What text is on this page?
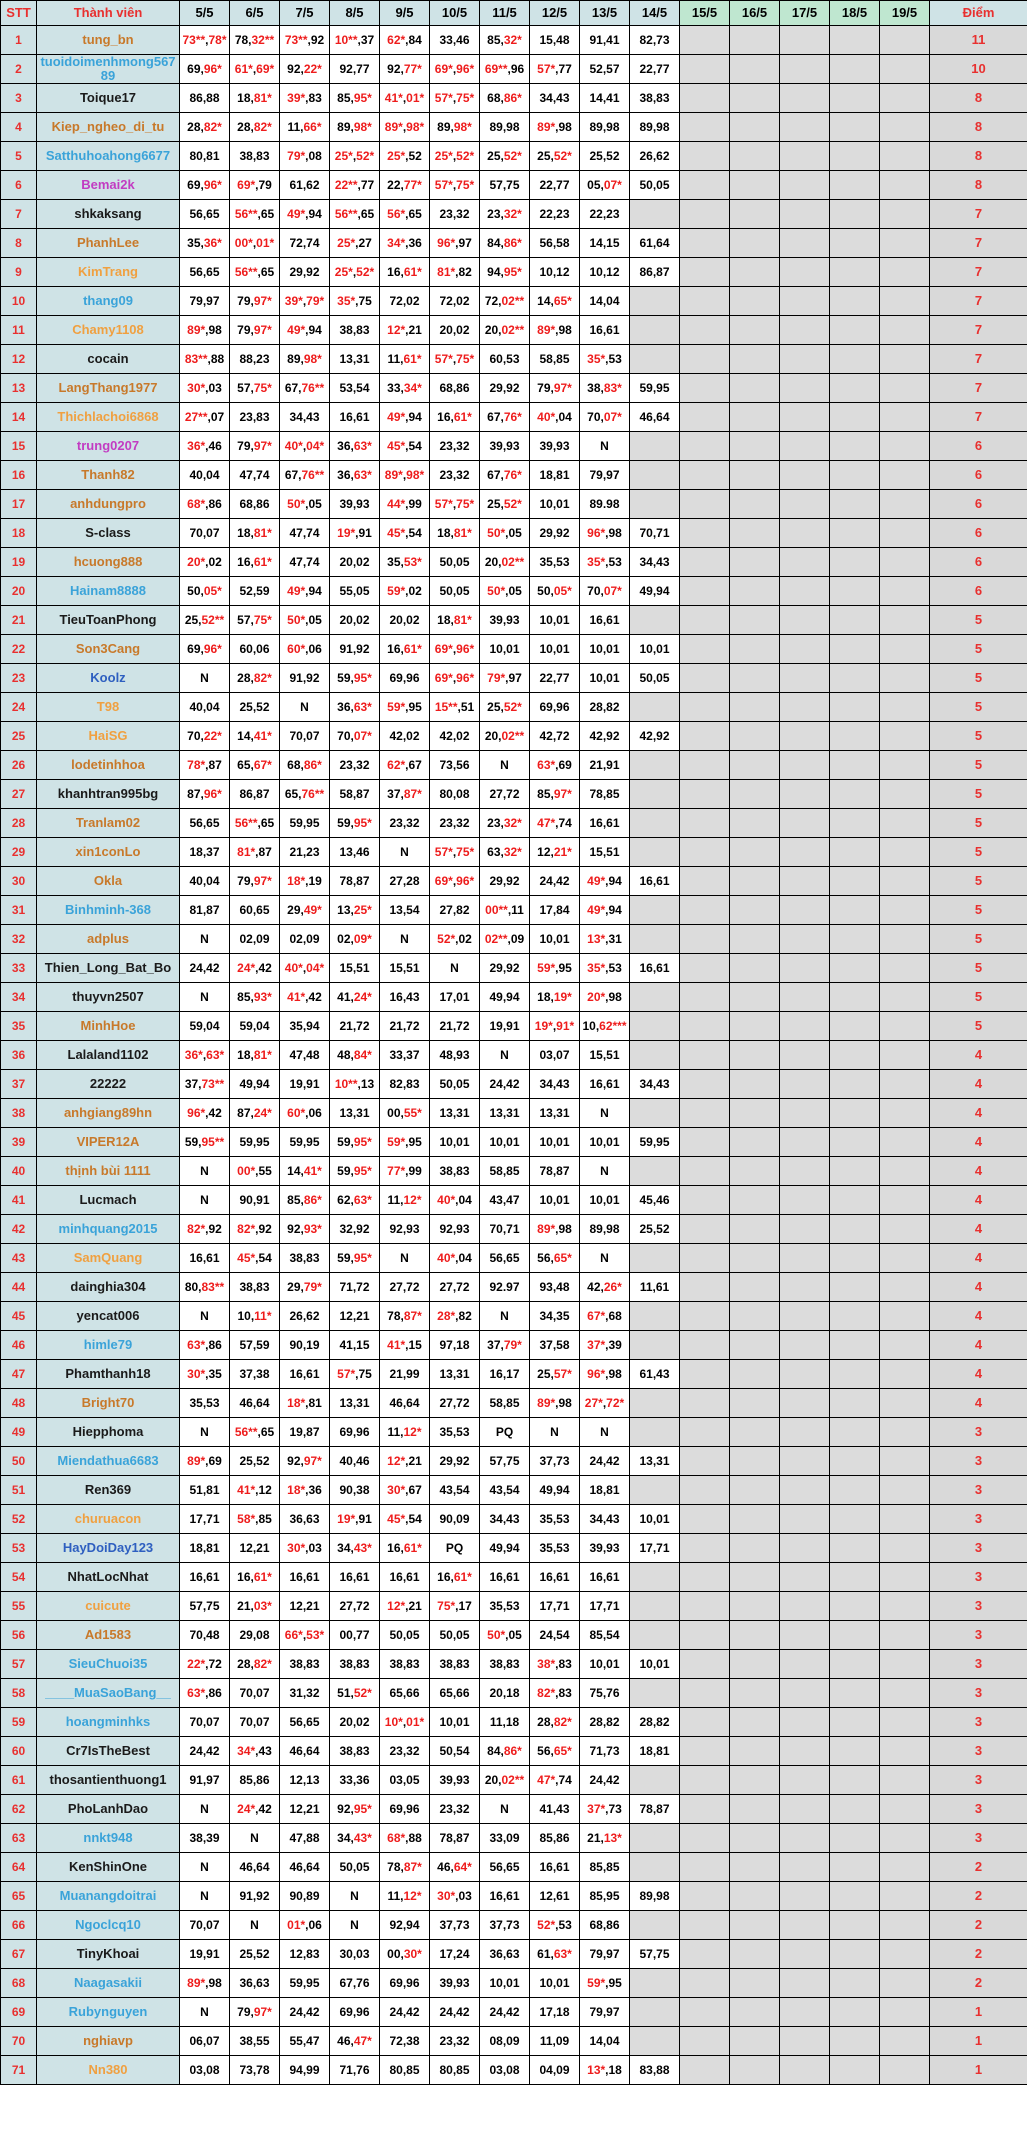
STT	Thành viên	5/5	6/5	7/5	8/5	9/5	10/5	11/5	12/5	13/5	14/5	15/5	16/5	17/5	18/5	19/5	Điểm
1	tung_bn	73**,78*	78,32**	73**,92	10**,37	62*,84	33,46	85,32*	15,48	91,41	82,73						11
2	tuoidoimenhmong567 89	69,96*	61*,69*	92,22*	92,77	92,77*	69*,96*	69**,96	57*,77	52,57	22,77						10
3	Toique17	86,88	18,81*	39*,83	85,95*	41*,01*	57*,75*	68,86*	34,43	14,41	38,83						8
4	Kiep_ngheo_di_tu	28,82*	28,82*	11,66*	89,98*	89*,98*	89,98*	89,98	89*,98	89,98	89,98						8
5	Satthuhoahong6677	80,81	38,83	79*,08	25*,52*	25*,52	25*,52*	25,52*	25,52*	25,52	26,62						8
6	Bemai2k	69,96*	69*,79	61,62	22**,77	22,77*	57*,75*	57,75	22,77	05,07*	50,05						8
7	shkaksang	56,65	56**,65	49*,94	56**,65	56*,65	23,32	23,32*	22,23	22,23							7
8	PhanhLee	35,36*	00*,01*	72,74	25*,27	34*,36	96*,97	84,86*	56,58	14,15	61,64						7
9	KimTrang	56,65	56**,65	29,92	25*,52*	16,61*	81*,82	94,95*	10,12	10,12	86,87						7
10	thang09	79,97	79,97*	39*,79*	35*,75	72,02	72,02	72,02**	14,65*	14,04							7
11	Chamy1108	89*,98	79,97*	49*,94	38,83	12*,21	20,02	20,02**	89*,98	16,61							7
12	cocain	83**,88	88,23	89,98*	13,31	11,61*	57*,75*	60,53	58,85	35*,53							7
13	LangThang1977	30*,03	57,75*	67,76**	53,54	33,34*	68,86	29,92	79,97*	38,83*	59,95						7
14	Thichlachoi6868	27**,07	23,83	34,43	16,61	49*,94	16,61*	67,76*	40*,04	70,07*	46,64						7
15	trung0207	36*,46	79,97*	40*,04*	36,63*	45*,54	23,32	39,93	39,93	N							6
16	Thanh82	40,04	47,74	67,76**	36,63*	89*,98*	23,32	67,76*	18,81	79,97							6
17	anhdungpro	68*,86	68,86	50*,05	39,93	44*,99	57*,75*	25,52*	10,01	89.98							6
18	S-class	70,07	18,81*	47,74	19*,91	45*,54	18,81*	50*,05	29,92	96*,98	70,71						6
19	hcuong888	20*,02	16,61*	47,74	20,02	35,53*	50,05	20,02**	35,53	35*,53	34,43						6
20	Hainam8888	50,05*	52,59	49*,94	55,05	59*,02	50,05	50*,05	50,05*	70,07*	49,94						6
21	TieuToanPhong	25,52**	57,75*	50*,05	20,02	20,02	18,81*	39,93	10,01	16,61							5
22	Son3Cang	69,96*	60,06	60*,06	91,92	16,61*	69*,96*	10,01	10,01	10,01	10,01						5
23	Koolz	N	28,82*	91,92	59,95*	69,96	69*,96*	79*,97	22,77	10,01	50,05						5
24	T98	40,04	25,52	N	36,63*	59*,95	15**,51	25,52*	69,96	28,82							5
25	HaiSG	70,22*	14,41*	70,07	70,07*	42,02	42,02	20,02**	42,72	42,92	42,92						5
26	lodetinhhoa	78*,87	65,67*	68,86*	23,32	62*,67	73,56	N	63*,69	21,91							5
27	khanhtran995bg	87,96*	86,87	65,76**	58,87	37,87*	80,08	27,72	85,97*	78,85							5
28	Tranlam02	56,65	56**,65	59,95	59,95*	23,32	23,32	23,32*	47*,74	16,61							5
29	xin1conLo	18,37	81*,87	21,23	13,46	N	57*,75*	63,32*	12,21*	15,51							5
30	Okla	40,04	79,97*	18*,19	78,87	27,28	69*,96*	29,92	24,42	49*,94	16,61						5
31	Binhminh-368	81,87	60,65	29,49*	13,25*	13,54	27,82	00**,11	17,84	49*,94							5
32	adplus	N	02,09	02,09	02,09*	N	52*,02	02**,09	10,01	13*,31							5
33	Thien_Long_Bat_Bo	24,42	24*,42	40*,04*	15,51	15,51	N	29,92	59*,95	35*,53	16,61						5
34	thuyvn2507	N	85,93*	41*,42	41,24*	16,43	17,01	49,94	18,19*	20*,98							5
35	MinhHoe	59,04	59,04	35,94	21,72	21,72	21,72	19,91	19*,91*	10,62***							5
36	Lalaland1102	36*,63*	18,81*	47,48	48,84*	33,37	48,93	N	03,07	15,51							4
37	22222	37,73**	49,94	19,91	10**,13	82,83	50,05	24,42	34,43	16,61	34,43						4
38	anhgiang89hn	96*,42	87,24*	60*,06	13,31	00,55*	13,31	13,31	13,31	N							4
39	VIPER12A	59,95**	59,95	59,95	59,95*	59*,95	10,01	10,01	10,01	10,01	59,95						4
40	thịnh bùi 1111	N	00*,55	14,41*	59,95*	77*,99	38,83	58,85	78,87	N							4
41	Lucmach	N	90,91	85,86*	62,63*	11,12*	40*,04	43,47	10,01	10,01	45,46						4
42	minhquang2015	82*,92	82*,92	92,93*	32,92	92,93	92,93	70,71	89*,98	89,98	25,52						4
43	SamQuang	16,61	45*,54	38,83	59,95*	N	40*,04	56,65	56,65*	N							4
44	dainghia304	80,83**	38,83	29,79*	71,72	27,72	27,72	92.97	93,48	42,26*	11,61						4
45	yencat006	N	10,11*	26,62	12,21	78,87*	28*,82	N	34,35	67*,68							4
46	himle79	63*,86	57,59	90,19	41,15	41*,15	97,18	37,79*	37,58	37*,39							4
47	Phamthanh18	30*,35	37,38	16,61	57*,75	21,99	13,31	16,17	25,57*	96*,98	61,43						4
48	Bright70	35,53	46,64	18*,81	13,31	46,64	27,72	58,85	89*,98	27*,72*							4
49	Hiepphoma	N	56**,65	19,87	69,96	11,12*	35,53	PQ	N	N							3
50	Miendathua6683	89*,69	25,52	92,97*	40,46	12*,21	29,92	57,75	37,73	24,42	13,31						3
51	Ren369	51,81	41*,12	18*,36	90,38	30*,67	43,54	43,54	49,94	18,81							3
52	churuacon	17,71	58*,85	36,63	19*,91	45*,54	90,09	34,43	35,53	34,43	10,01						3
53	HayDoiDay123	18,81	12,21	30*,03	34,43*	16,61*	PQ	49,94	35,53	39,93	17,71						3
54	NhatLocNhat	16,61	16,61*	16,61	16,61	16,61	16,61*	16,61	16,61	16,61							3
55	cuicute	57,75	21,03*	12,21	27,72	12*,21	75*,17	35,53	17,71	17,71							3
56	Ad1583	70,48	29,08	66*,53*	00,77	50,05	50,05	50*,05	24,54	85,54							3
57	SieuChuoi35	22*,72	28,82*	38,83	38,83	38,83	38,83	38,83	38*,83	10,01	10,01						3
58	____MuaSaoBang__	63*,86	70,07	31,32	51,52*	65,66	65,66	20,18	82*,83	75,76							3
59	hoangminhks	70,07	70,07	56,65	20,02	10*,01*	10,01	11,18	28,82*	28,82	28,82						3
60	Cr7IsTheBest	24,42	34*,43	46,64	38,83	23,32	50,54	84,86*	56,65*	71,73	18,81						3
61	thosantienthuong1	91,97	85,86	12,13	33,36	03,05	39,93	20,02**	47*,74	24,42							3
62	PhoLanhDao	N	24*,42	12,21	92,95*	69,96	23,32	N	41,43	37*,73	78,87						3
63	nnkt948	38,39	N	47,88	34,43*	68*,88	78,87	33,09	85,86	21,13*							3
64	KenShinOne	N	46,64	46,64	50,05	78,87*	46,64*	56,65	16,61	85,85							2
65	Muanangdoitrai	N	91,92	90,89	N	11,12*	30*,03	16,61	12,61	85,95	89,98						2
66	Ngoclcq10	70,07	N	01*,06	N	92,94	37,73	37,73	52*,53	68,86							2
67	TinyKhoai	19,91	25,52	12,83	30,03	00,30*	17,24	36,63	61,63*	79,97	57,75						2
68	Naagasakii	89*,98	36,63	59,95	67,76	69,96	39,93	10,01	10,01	59*,95							2
69	Rubynguyen	N	79,97*	24,42	69,96	24,42	24,42	24,42	17,18	79,97							1
70	nghiavp	06,07	38,55	55,47	46,47*	72,38	23,32	08,09	11,09	14,04							1
71	Nn380	03,08	73,78	94,99	71,76	80,85	80,85	03,08	04,09	13*,18	83,88						1
